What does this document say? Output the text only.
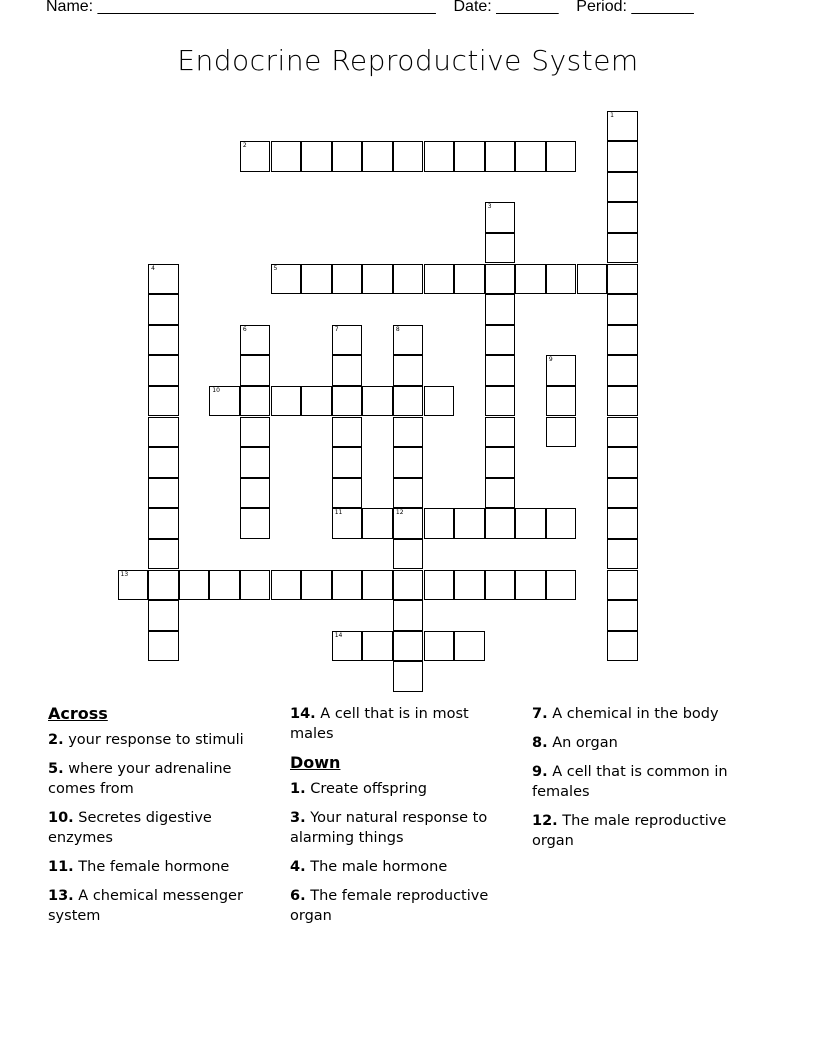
Name: ______________________________________ Date: _______ Period: _______
Endocrine Reproductive System
1
2
3
4	5
6	7
11
8
9
10
12
13
14
Across
2. your response to stimuli
5. where your adrenaline comes from
10. Secretes digestive enzymes
11. The female hormone
13. A chemical messenger system
14. A cell that is in most males
Down
1. Create offspring
3. Your natural response to alarming things
4. The male hormone
6. The female reproductive organ
7. A chemical in the body
8. An organ
9. A cell that is common in females
12. The male reproductive organ
